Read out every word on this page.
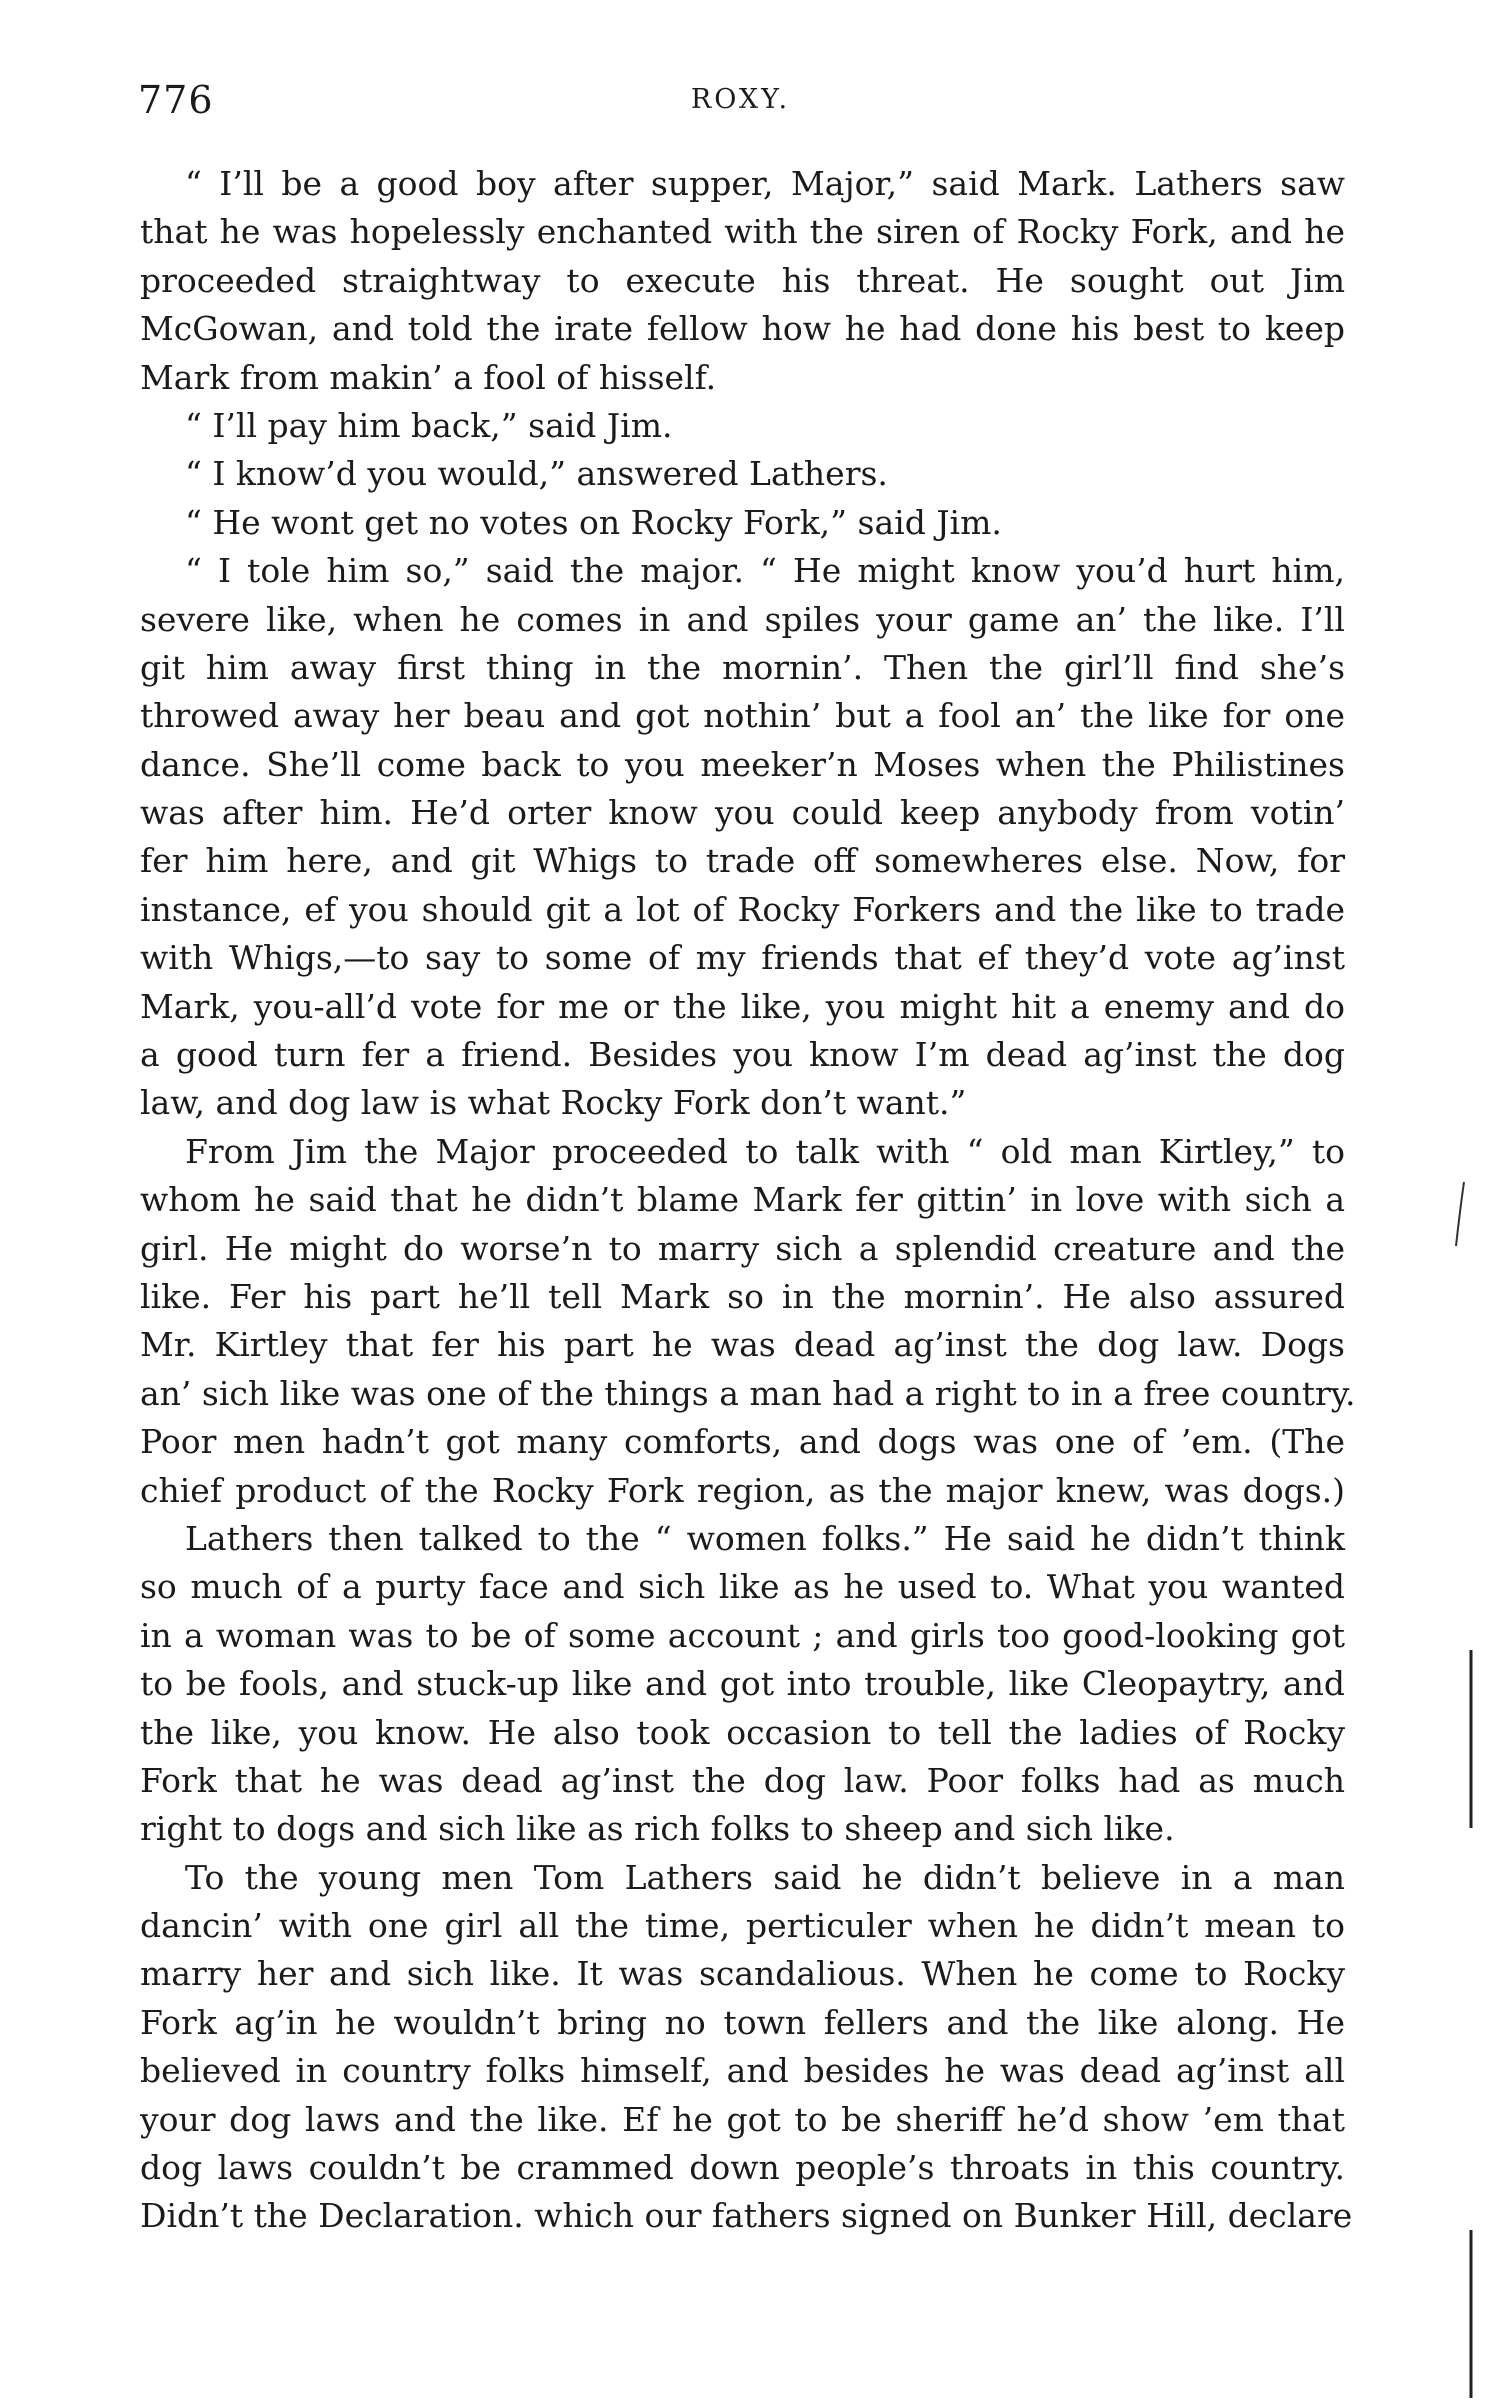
776	ROXY.
“ I’ll be a good boy after supper, Major,” said Mark. Lathers saw
that he was hopelessly enchanted with the siren of Rocky Fork, and he
proceeded straightway to execute his threat. He sought out Jim
McGowan, and told the irate fellow how he had done his best to keep
Mark from makin’ a fool of hisself.
“ I’ll pay him back,” said Jim.
“ I know’d you would,” answered Lathers.
“ He wont get no votes on Rocky Fork,” said Jim.
“ I tole him so,” said the major. “ He might know you’d hurt him,
severe like, when he comes in and spiles your game an’ the like. I’ll
git him away first thing in the mornin’. Then the girl’ll find she’s
throwed away her beau and got nothin’ but a fool an’ the like for one
dance. She’ll come back to you meeker’n Moses when the Philistines
was after him. He’d orter know you could keep anybody from votin’
fer him here, and git Whigs to trade off somewheres else. Now, for
instance, ef you should git a lot of Rocky Forkers and the like to trade
with Whigs,—to say to some of my friends that ef they’d vote ag’inst
Mark, you-all’d vote for me or the like, you might hit a enemy and do
a good turn fer a friend. Besides you know I’m dead ag’inst the dog
law, and dog law is what Rocky Fork don’t want.”
From Jim the Major proceeded to talk with “ old man Kirtley,” to
whom he said that he didn’t blame Mark fer gittin’ in love with sich a
girl. He might do worse’n to marry sich a splendid creature and the
like. Fer his part he’ll tell Mark so in the mornin’. He also assured
Mr. Kirtley that fer his part he was dead ag’inst the dog law. Dogs
an’ sich like was one of the things a man had a right to in a free country.
Poor men hadn’t got many comforts, and dogs was one of ’em. (The
chief product of the Rocky Fork region, as the major knew, was dogs.)
Lathers then talked to the “ women folks.” He said he didn’t think
so much of a purty face and sich like as he used to. What you wanted
in a woman was to be of some account ; and girls too good-looking got
to be fools, and stuck-up like and got into trouble, like Cleopaytry, and
the like, you know. He also took occasion to tell the ladies of Rocky
Fork that he was dead ag’inst the dog law. Poor folks had as much
right to dogs and sich like as rich folks to sheep and sich like.
To the young men Tom Lathers said he didn’t believe in a man
dancin’ with one girl all the time, perticuler when he didn’t mean to
marry her and sich like. It was scandalious. When he come to Rocky
Fork ag’in he wouldn’t bring no town fellers and the like along. He
believed in country folks himself, and besides he was dead ag’inst all
your dog laws and the like. Ef he got to be sheriff he’d show ’em that
dog laws couldn’t be crammed down people’s throats in this country.
Didn’t the Declaration. which our fathers signed on Bunker Hill, declare
